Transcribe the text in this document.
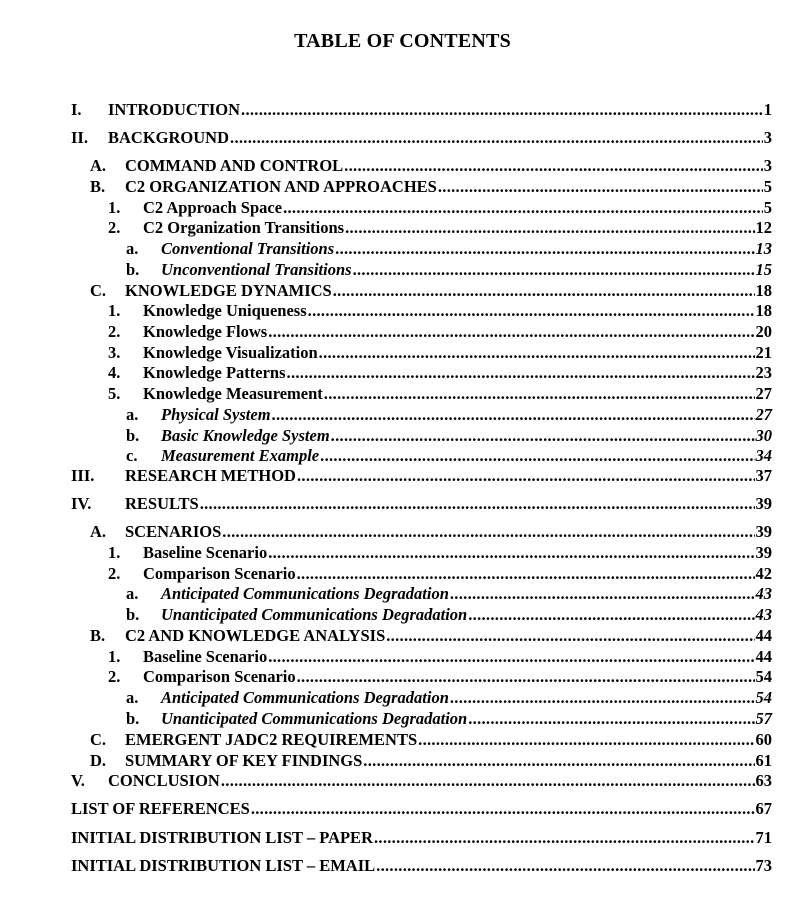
TABLE OF CONTENTS
I.	INTRODUCTION .....	1
II.	BACKGROUND .....	3
A.	COMMAND AND CONTROL .....	3
B.	C2 ORGANIZATION AND APPROACHES .....	5
1.	C2 Approach Space .....	5
2.	C2 Organization Transitions .....	12
a.	Conventional Transitions .....	13
b.	Unconventional Transitions .....	15
C.	KNOWLEDGE DYNAMICS .....	18
1.	Knowledge Uniqueness .....	18
2.	Knowledge Flows .....	20
3.	Knowledge Visualization .....	21
4.	Knowledge Patterns .....	23
5.	Knowledge Measurement .....	27
a.	Physical System .....	27
b.	Basic Knowledge System .....	30
c.	Measurement Example .....	34
III.	RESEARCH METHOD .....	37
IV.	RESULTS .....	39
A.	SCENARIOS .....	39
1.	Baseline Scenario .....	39
2.	Comparison Scenario .....	42
a.	Anticipated Communications Degradation .....	43
b.	Unanticipated Communications Degradation .....	43
B.	C2 AND KNOWLEDGE ANALYSIS .....	44
1.	Baseline Scenario .....	44
2.	Comparison Scenario .....	54
a.	Anticipated Communications Degradation .....	54
b.	Unanticipated Communications Degradation .....	57
C.	EMERGENT JADC2 REQUIREMENTS .....	60
D.	SUMMARY OF KEY FINDINGS .....	61
V.	CONCLUSION .....	63
LIST OF REFERENCES .....	67
INITIAL DISTRIBUTION LIST – PAPER .....	71
INITIAL DISTRIBUTION LIST – EMAIL .....	73
